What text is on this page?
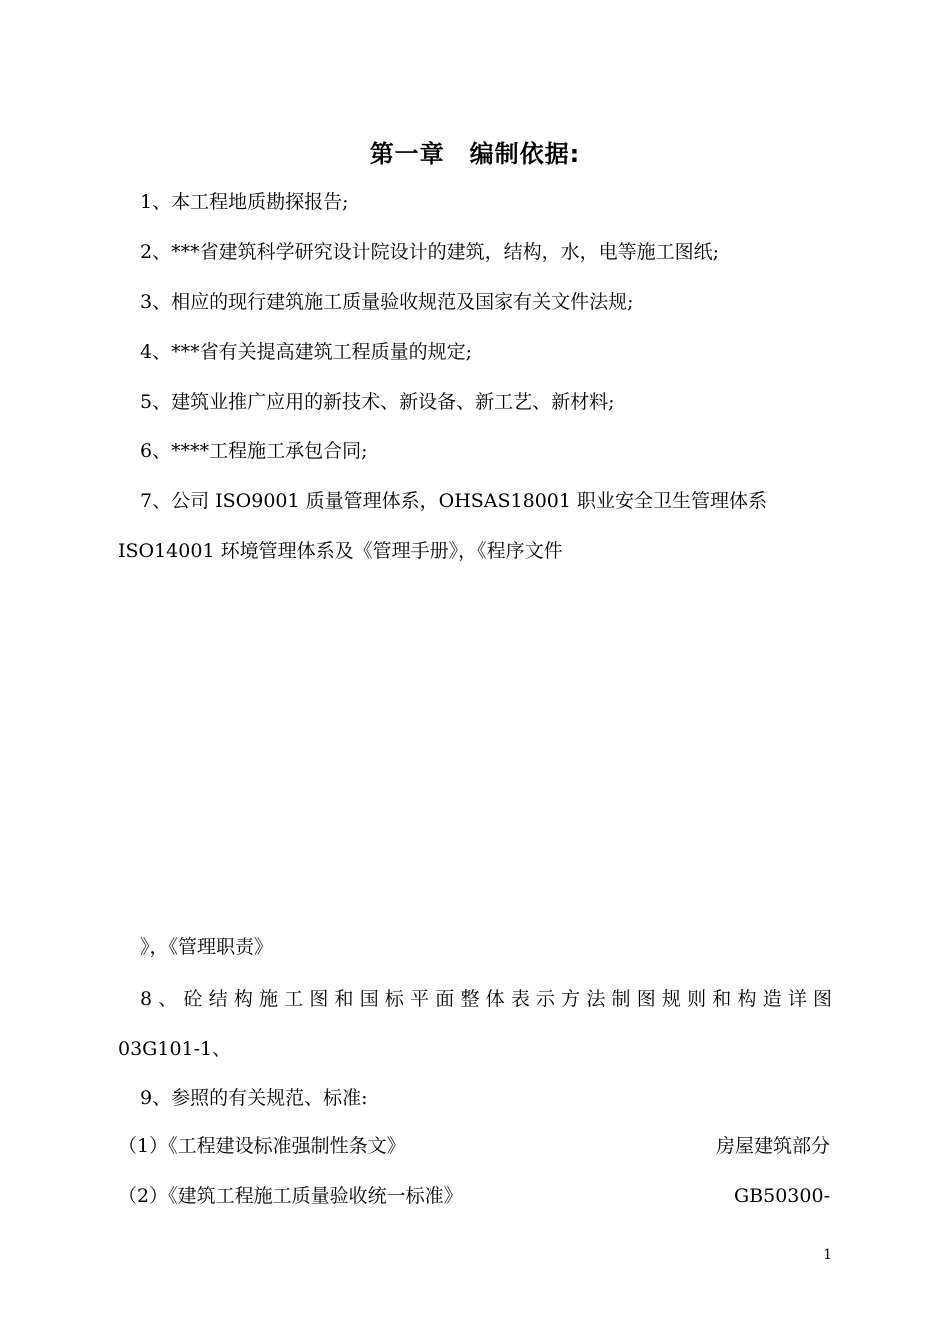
第一章　编制依据:
1、本工程地质勘探报告;
2、***省建筑科学研究设计院设计的建筑，结构，水，电等施工图纸;
3、相应的现行建筑施工质量验收规范及国家有关文件法规;
4、***省有关提高建筑工程质量的规定;
5、建筑业推广应用的新技术、新设备、新工艺、新材料;
6、****工程施工承包合同;
7、公司 ISO9001 质量管理体系，OHSAS18001 职业安全卫生管理体系
ISO14001 环境管理体系及《管理手册》，《程序文件
》，《管理职责》
8、砼结构施工图和国标平面整体表示方法制图规则和构造详图
03G101-1、
9、参照的有关规范、标准:
（1）《工程建设标准强制性条文》	房屋建筑部分
（2）《建筑工程施工质量验收统一标准》	GB50300-
1
